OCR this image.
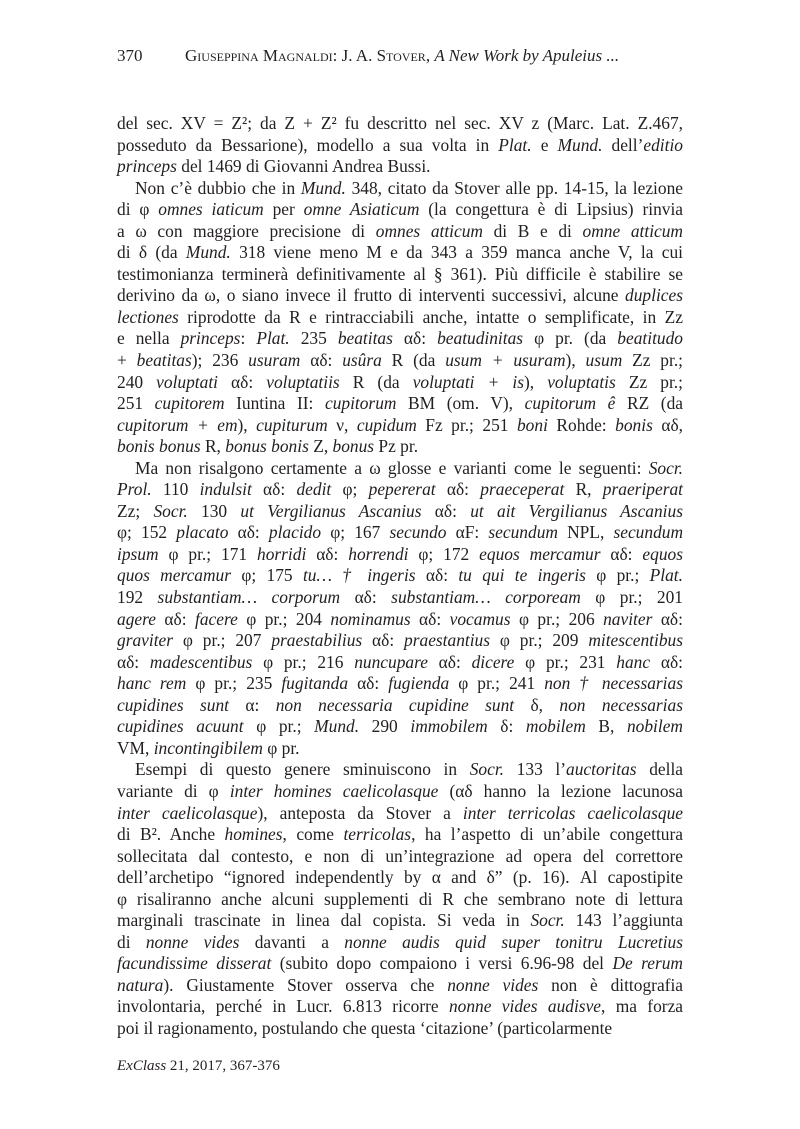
370	Giuseppina Magnaldi: J. A. Stover, A New Work by Apuleius ...
del sec. XV = Z²; da Z + Z² fu descritto nel sec. XV z (Marc. Lat. Z.467,
posseduto da Bessarione), modello a sua volta in Plat. e Mund. dell’editio
princeps del 1469 di Giovanni Andrea Bussi.
Non c’è dubbio che in Mund. 348, citato da Stover alle pp. 14-15, la lezione
di φ omnes iaticum per omne Asiaticum (la congettura è di Lipsius) rinvia
a ω con maggiore precisione di omnes atticum di B e di omne atticum
di δ (da Mund. 318 viene meno M e da 343 a 359 manca anche V, la cui
testimonianza terminerà definitivamente al § 361). Più difficile è stabilire se
derivino da ω, o siano invece il frutto di interventi successivi, alcune duplices
lectiones riprodotte da R e rintracciabili anche, intatte o semplificate, in Zz
e nella princeps: Plat. 235 beatitas αδ: beatudinitas φ pr. (da beatitudo
+ beatitas); 236 usuram αδ: usûra R (da usum + usuram), usum Zz pr.;
240 voluptati αδ: voluptatiis R (da voluptati + is), voluptatis Zz pr.;
251 cupitorem Iuntina II: cupitorum BM (om. V), cupitorum ê RZ (da
cupitorum + em), cupiturum ν, cupidum Fz pr.; 251 boni Rohde: bonis αδ,
bonis bonus R, bonus bonis Z, bonus Pz pr.
Ma non risalgono certamente a ω glosse e varianti come le seguenti: Socr.
Prol. 110 indulsit αδ: dedit φ; pepererat αδ: praeceperat R, praeriperat
Zz; Socr. 130 ut Vergilianus Ascanius αδ: ut ait Vergilianus Ascanius
φ; 152 placato αδ: placido φ; 167 secundo αF: secundum NPL, secundum
ipsum φ pr.; 171 horridi αδ: horrendi φ; 172 equos mercamur αδ: equos
quos mercamur φ; 175 tu… † ingeris αδ: tu qui te ingeris φ pr.; Plat.
192 substantiam… corporum αδ: substantiam… corpoream φ pr.; 201
agere αδ: facere φ pr.; 204 nominamus αδ: vocamus φ pr.; 206 naviter αδ:
graviter φ pr.; 207 praestabilius αδ: praestantius φ pr.; 209 mitescentibus
αδ: madescentibus φ pr.; 216 nuncupare αδ: dicere φ pr.; 231 hanc αδ:
hanc rem φ pr.; 235 fugitanda αδ: fugienda φ pr.; 241 non † necessarias
cupidines sunt α: non necessaria cupidine sunt δ, non necessarias
cupidines acuunt φ pr.; Mund. 290 immobilem δ: mobilem B, nobilem
VM, incontingibilem φ pr.
Esempi di questo genere sminuiscono in Socr. 133 l’auctoritas della
variante di φ inter homines caelicolasque (αδ hanno la lezione lacunosa
inter caelicolasque), anteposta da Stover a inter terricolas caelicolasque
di B². Anche homines, come terricolas, ha l’aspetto di un’abile congettura
sollecitata dal contesto, e non di un’integrazione ad opera del correttore
dell’archetipo “ignored independently by α and δ” (p. 16). Al capostipite
φ risaliranno anche alcuni supplementi di R che sembrano note di lettura
marginali trascinate in linea dal copista. Si veda in Socr. 143 l’aggiunta
di nonne vides davanti a nonne audis quid super tonitru Lucretius
facundissime disserat (subito dopo compaiono i versi 6.96-98 del De rerum
natura). Giustamente Stover osserva che nonne vides non è dittografia
involontaria, perché in Lucr. 6.813 ricorre nonne vides audisve, ma forza
poi il ragionamento, postulando che questa ‘citazione’ (particolarmente
ExClass 21, 2017, 367-376
